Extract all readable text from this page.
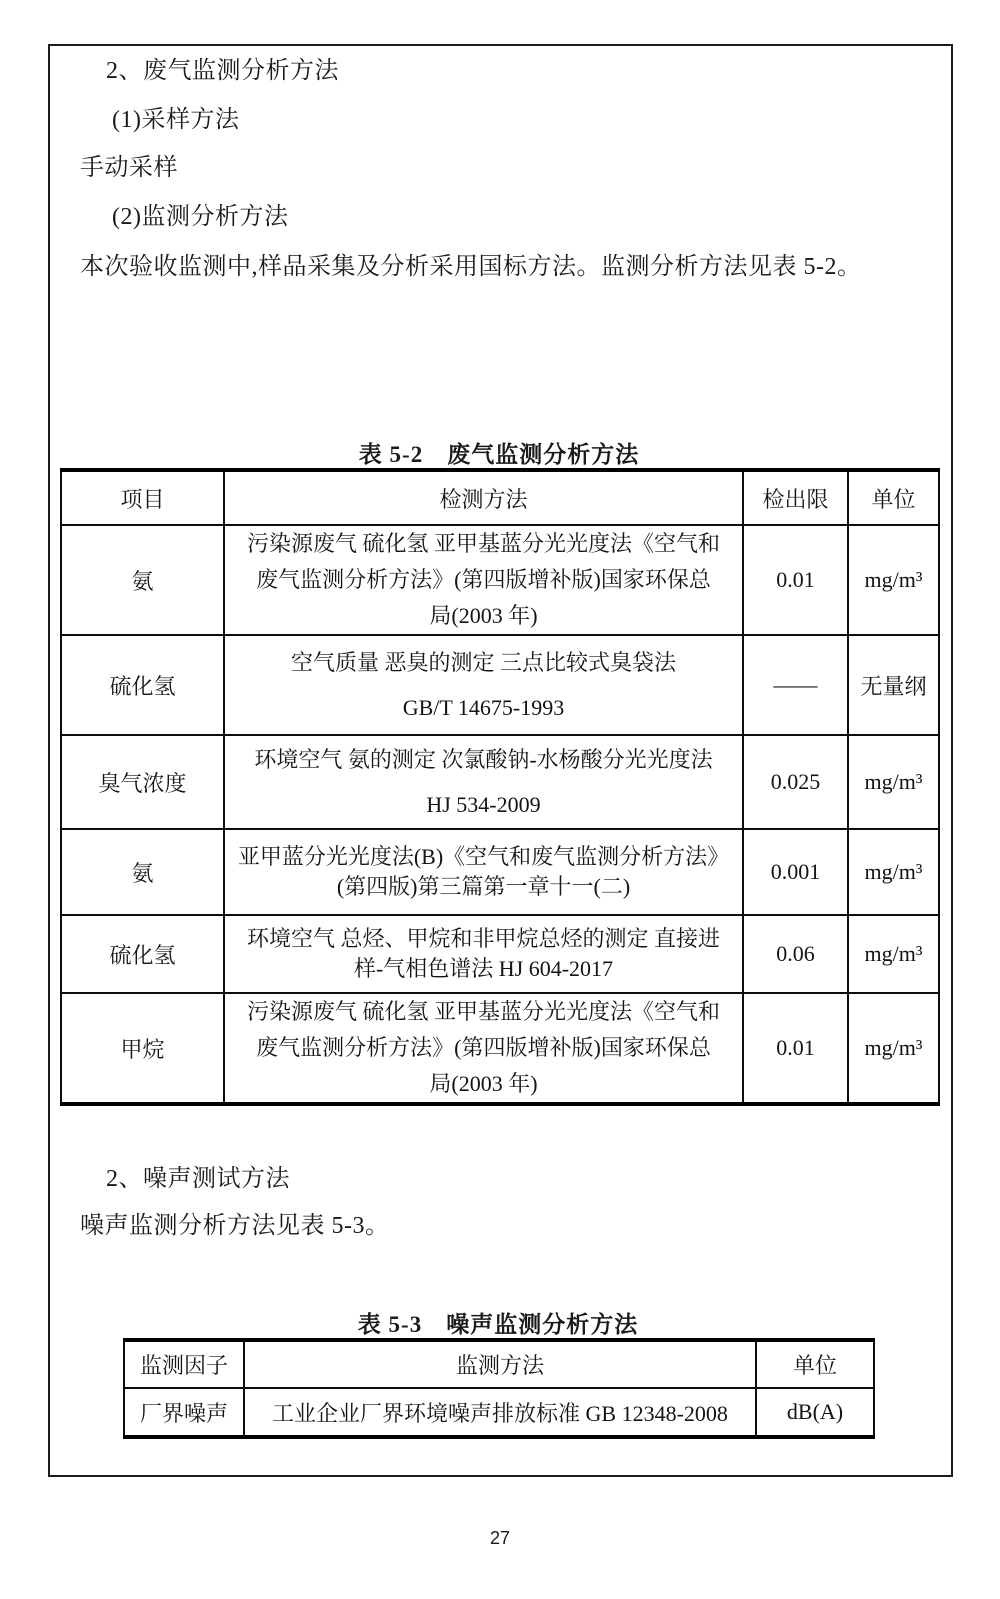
2、废气监测分析方法
(1)采样方法
手动采样
(2)监测分析方法
本次验收监测中,样品采集及分析采用国标方法。监测分析方法见表 5-2。
表 5-2　废气监测分析方法
项目	检测方法	检出限	单位
氨	污染源废气 硫化氢 亚甲基蓝分光光度法《空气和
废气监测分析方法》(第四版增补版)国家环保总
局(2003 年)	0.01	mg/m³
硫化氢	空气质量 恶臭的测定 三点比较式臭袋法
GB/T 14675-1993	——	无量纲
臭气浓度	环境空气 氨的测定 次氯酸钠-水杨酸分光光度法
HJ 534-2009	0.025	mg/m³
氨	亚甲蓝分光光度法(B)《空气和废气监测分析方法》
(第四版)第三篇第一章十一(二)	0.001	mg/m³
硫化氢	环境空气 总烃、甲烷和非甲烷总烃的测定 直接进
样-气相色谱法 HJ 604-2017	0.06	mg/m³
甲烷	污染源废气 硫化氢 亚甲基蓝分光光度法《空气和
废气监测分析方法》(第四版增补版)国家环保总
局(2003 年)	0.01	mg/m³
2、噪声测试方法
噪声监测分析方法见表 5-3。
表 5-3　噪声监测分析方法
监测因子	监测方法	单位
厂界噪声	工业企业厂界环境噪声排放标准 GB 12348-2008	dB(A)
27
